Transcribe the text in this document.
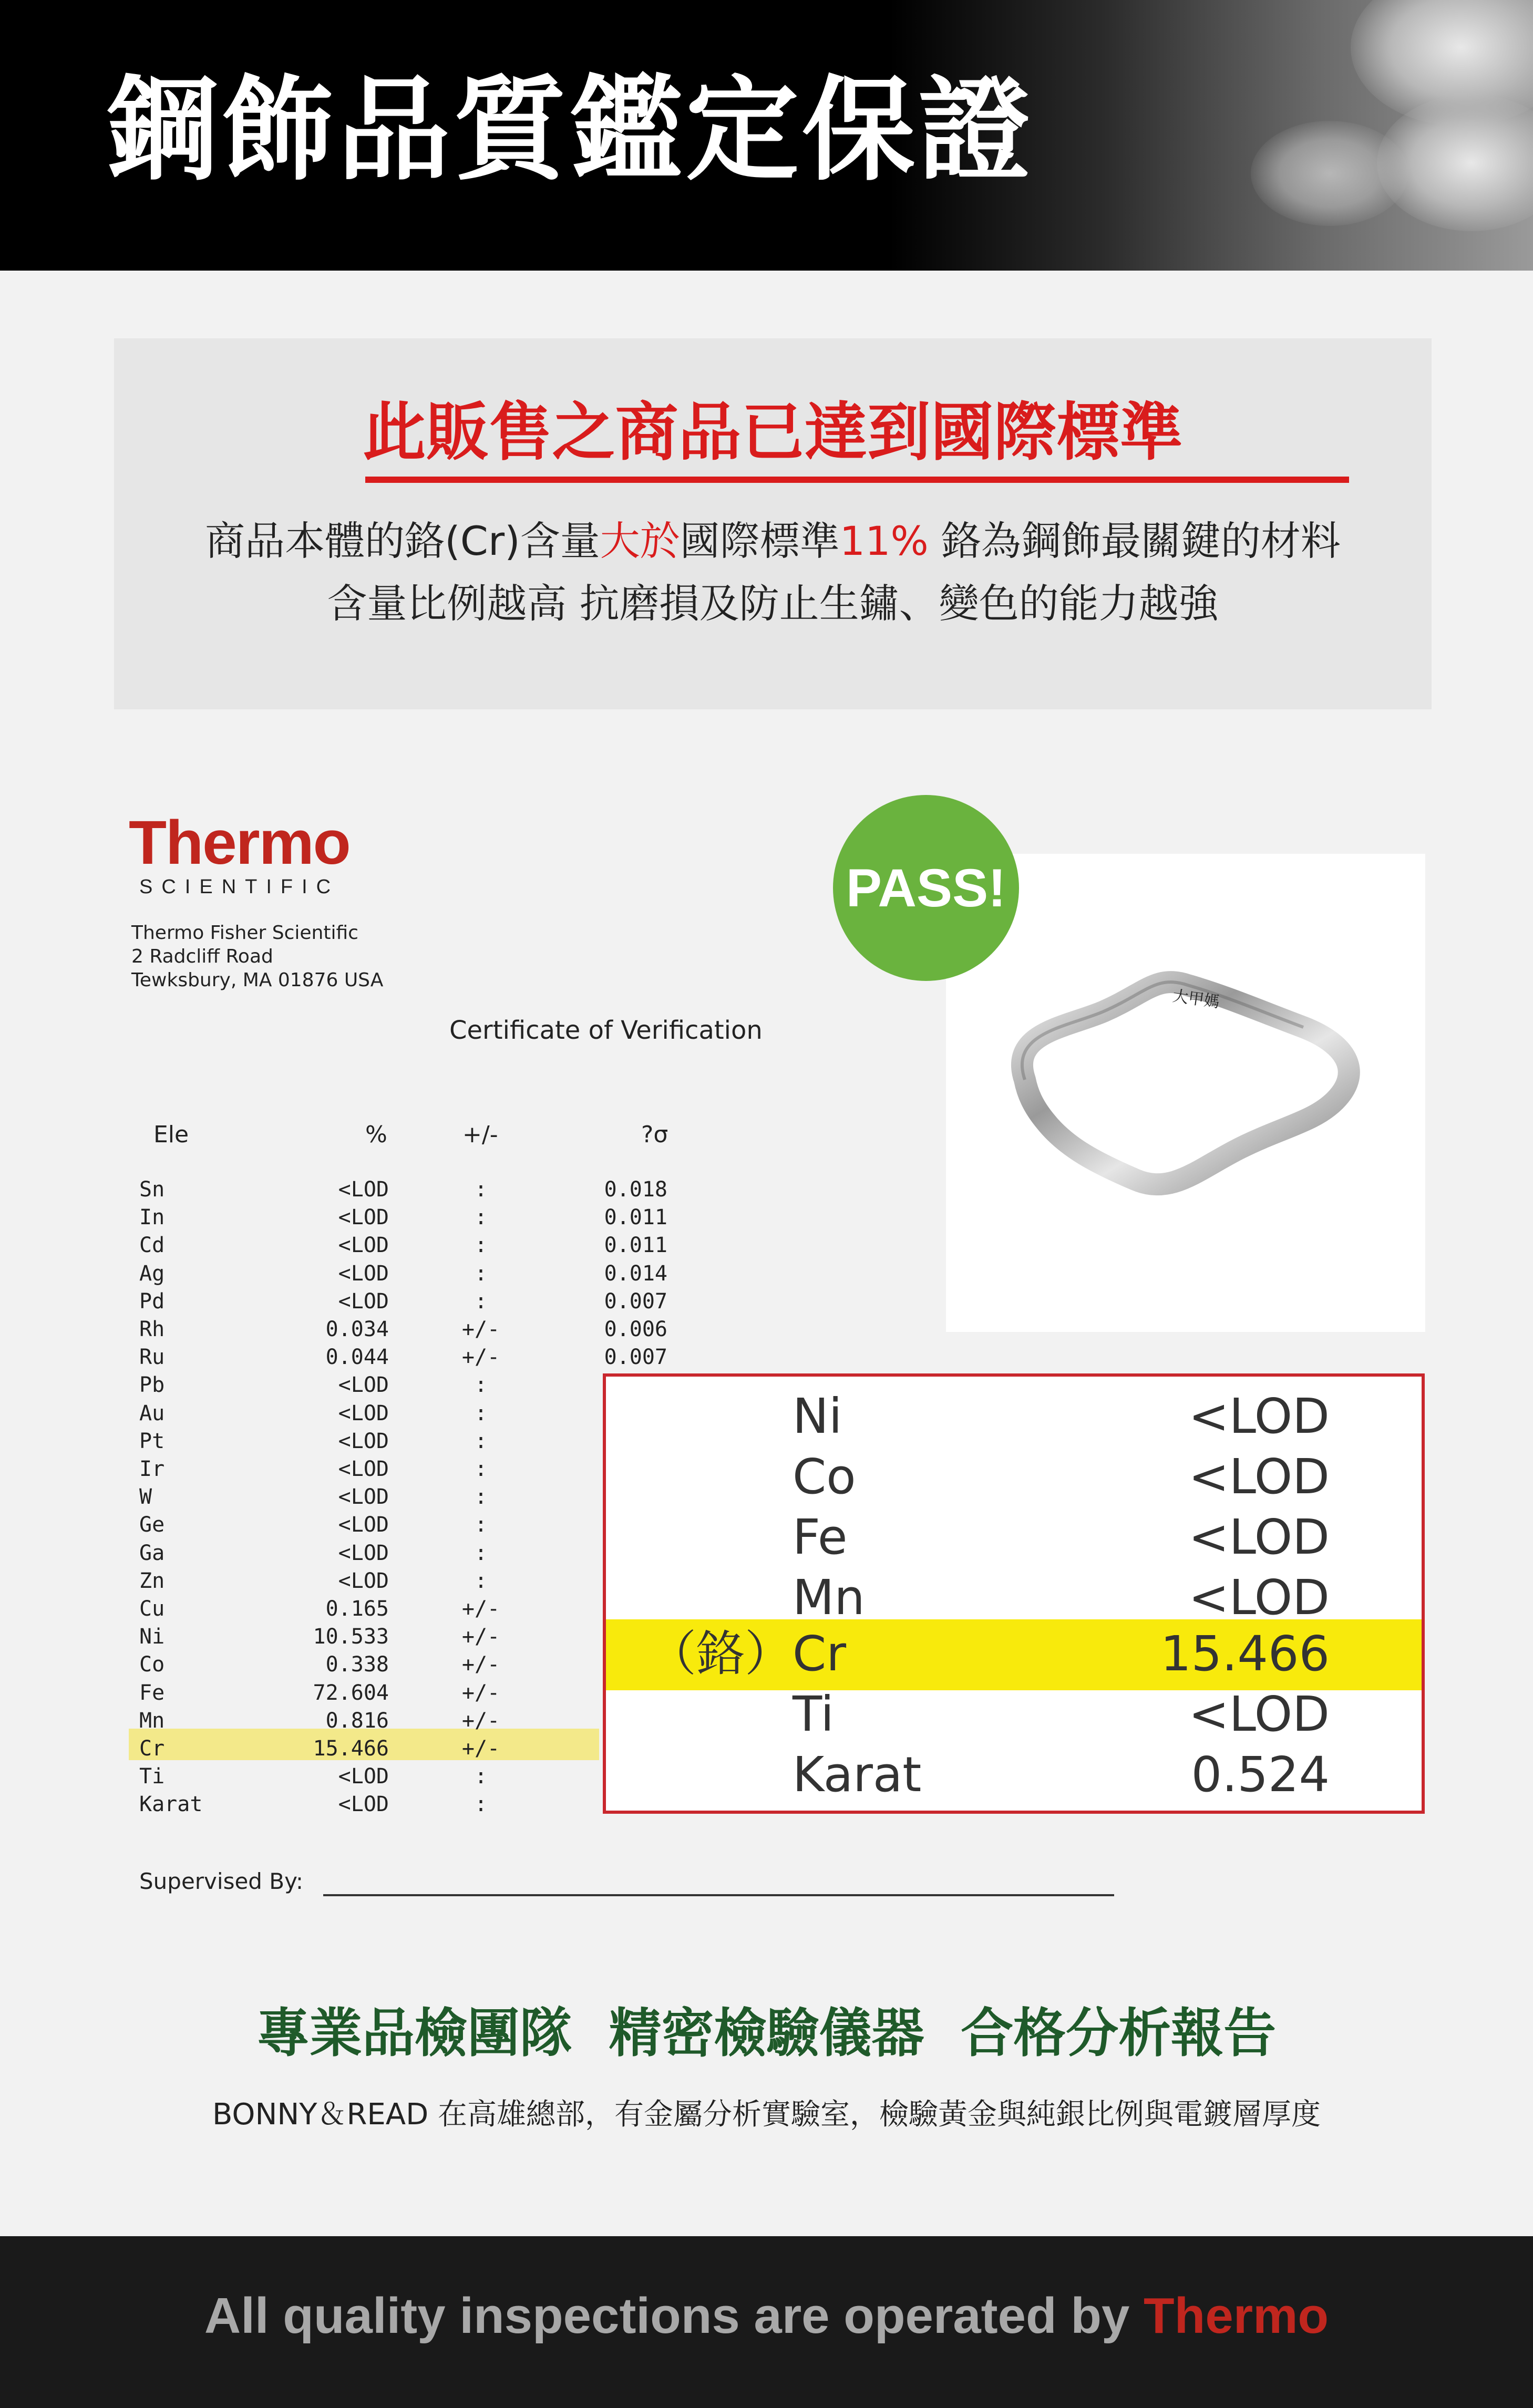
鋼飾品質鑑定保證
此販售之商品已達到國際標準
商品本體的鉻(Cr)含量大於國際標準11% 鉻為鋼飾最關鍵的材料
含量比例越高 抗磨損及防止生鏽、變色的能力越強
Thermo
SCIENTIFIC
Thermo Fisher Scientific
2 Radcliff Road
Tewksbury, MA 01876 USA
Certificate of Verification
Ele	%	+/-	?σ
Sn	<LOD	:	0.018
In	<LOD	:	0.011
Cd	<LOD	:	0.011
Ag	<LOD	:	0.014
Pd	<LOD	:	0.007
Rh	0.034	+/-	0.006
Ru	0.044	+/-	0.007
Pb	<LOD	:
Au	<LOD	:
Pt	<LOD	:
Ir	<LOD	:
W	<LOD	:
Ge	<LOD	:
Ga	<LOD	:
Zn	<LOD	:
Cu	0.165	+/-
Ni	10.533	+/-
Co	0.338	+/-
Fe	72.604	+/-
Mn	0.816	+/-
Cr	15.466	+/-
Ti	<LOD	:
Karat	<LOD	:
Supervised By:
大甲媽
PASS!
Ni	<LOD
Co	<LOD
Fe	<LOD
Mn	<LOD
（鉻）
Cr	15.466
Ti	<LOD
Karat	0.524
專業品檢團隊  精密檢驗儀器  合格分析報告
BONNY＆READ 在高雄總部，有金屬分析實驗室，檢驗黃金與純銀比例與電鍍層厚度
All quality inspections are operated by Thermo
